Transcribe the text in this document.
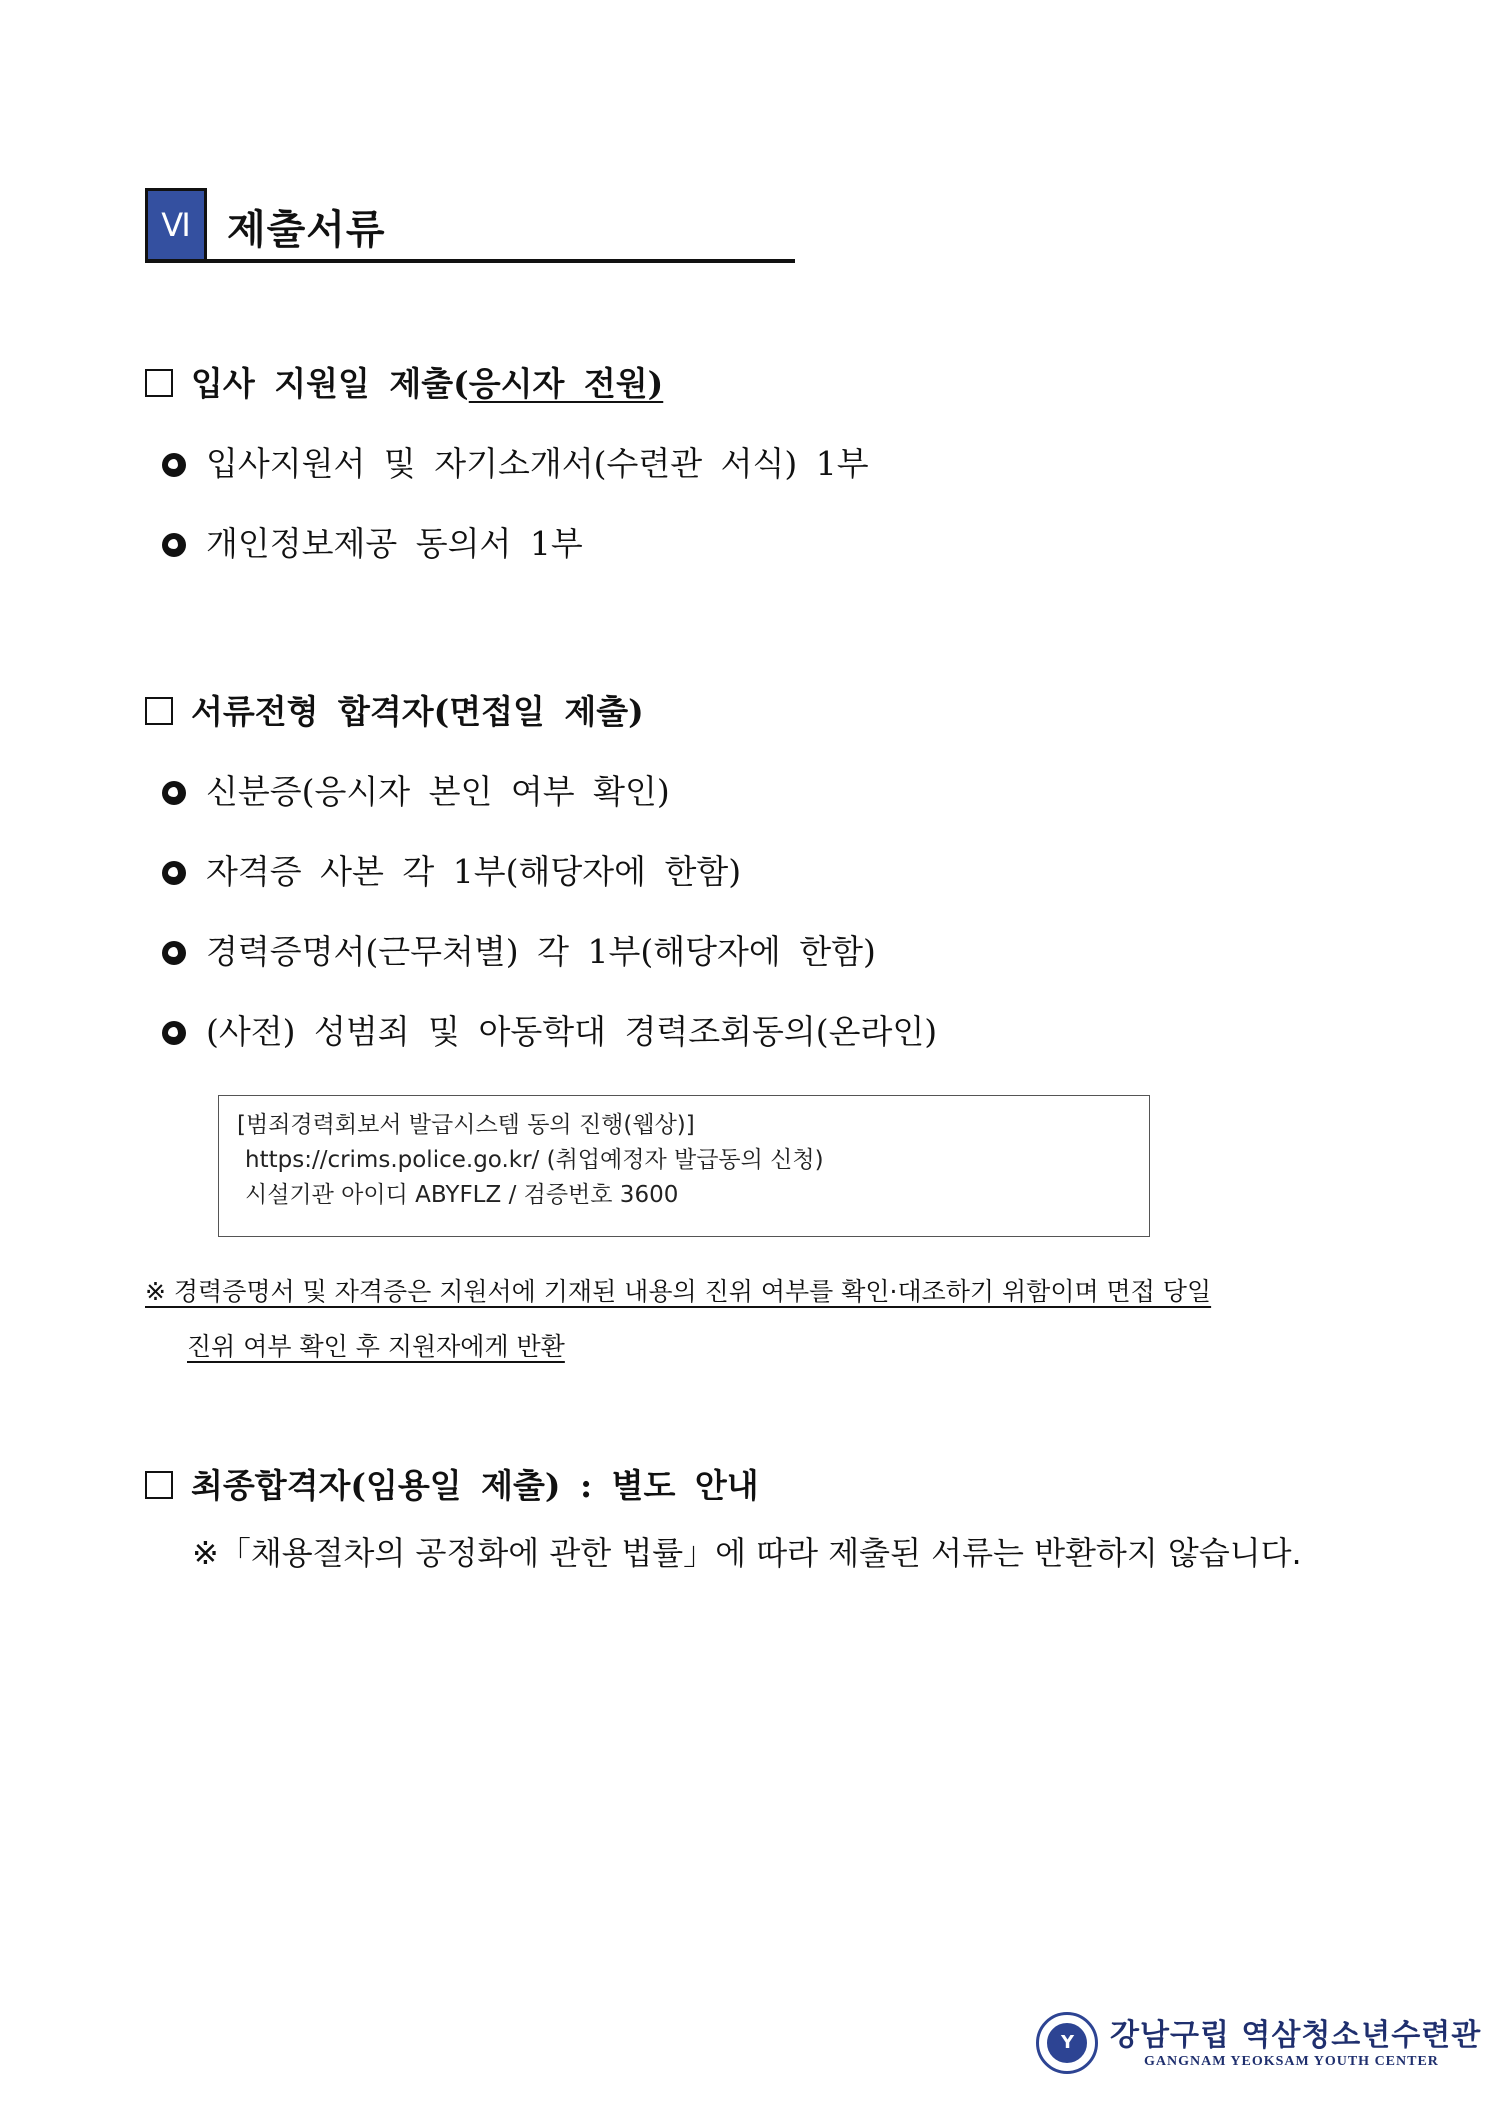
Ⅵ 제출서류
입사 지원일 제출(응시자 전원)
입사지원서 및 자기소개서(수련관 서식) 1부
개인정보제공 동의서 1부
서류전형 합격자(면접일 제출)
신분증(응시자 본인 여부 확인)
자격증 사본 각 1부(해당자에 한함)
경력증명서(근무처별) 각 1부(해당자에 한함)
(사전) 성범죄 및 아동학대 경력조회동의(온라인)
[범죄경력회보서 발급시스템 동의 진행(웹상)]
https://crims.police.go.kr/ (취업예정자 발급동의 신청)
시설기관 아이디 ABYFLZ / 검증번호 3600
※ 경력증명서 및 자격증은 지원서에 기재된 내용의 진위 여부를 확인·대조하기 위함이며 면접 당일
진위 여부 확인 후 지원자에게 반환
최종합격자(임용일 제출) : 별도 안내
※「채용절차의 공정화에 관한 법률」에 따라 제출된 서류는 반환하지 않습니다.
Y 강남구립 역삼청소년수련관
GANGNAM YEOKSAM YOUTH CENTER
